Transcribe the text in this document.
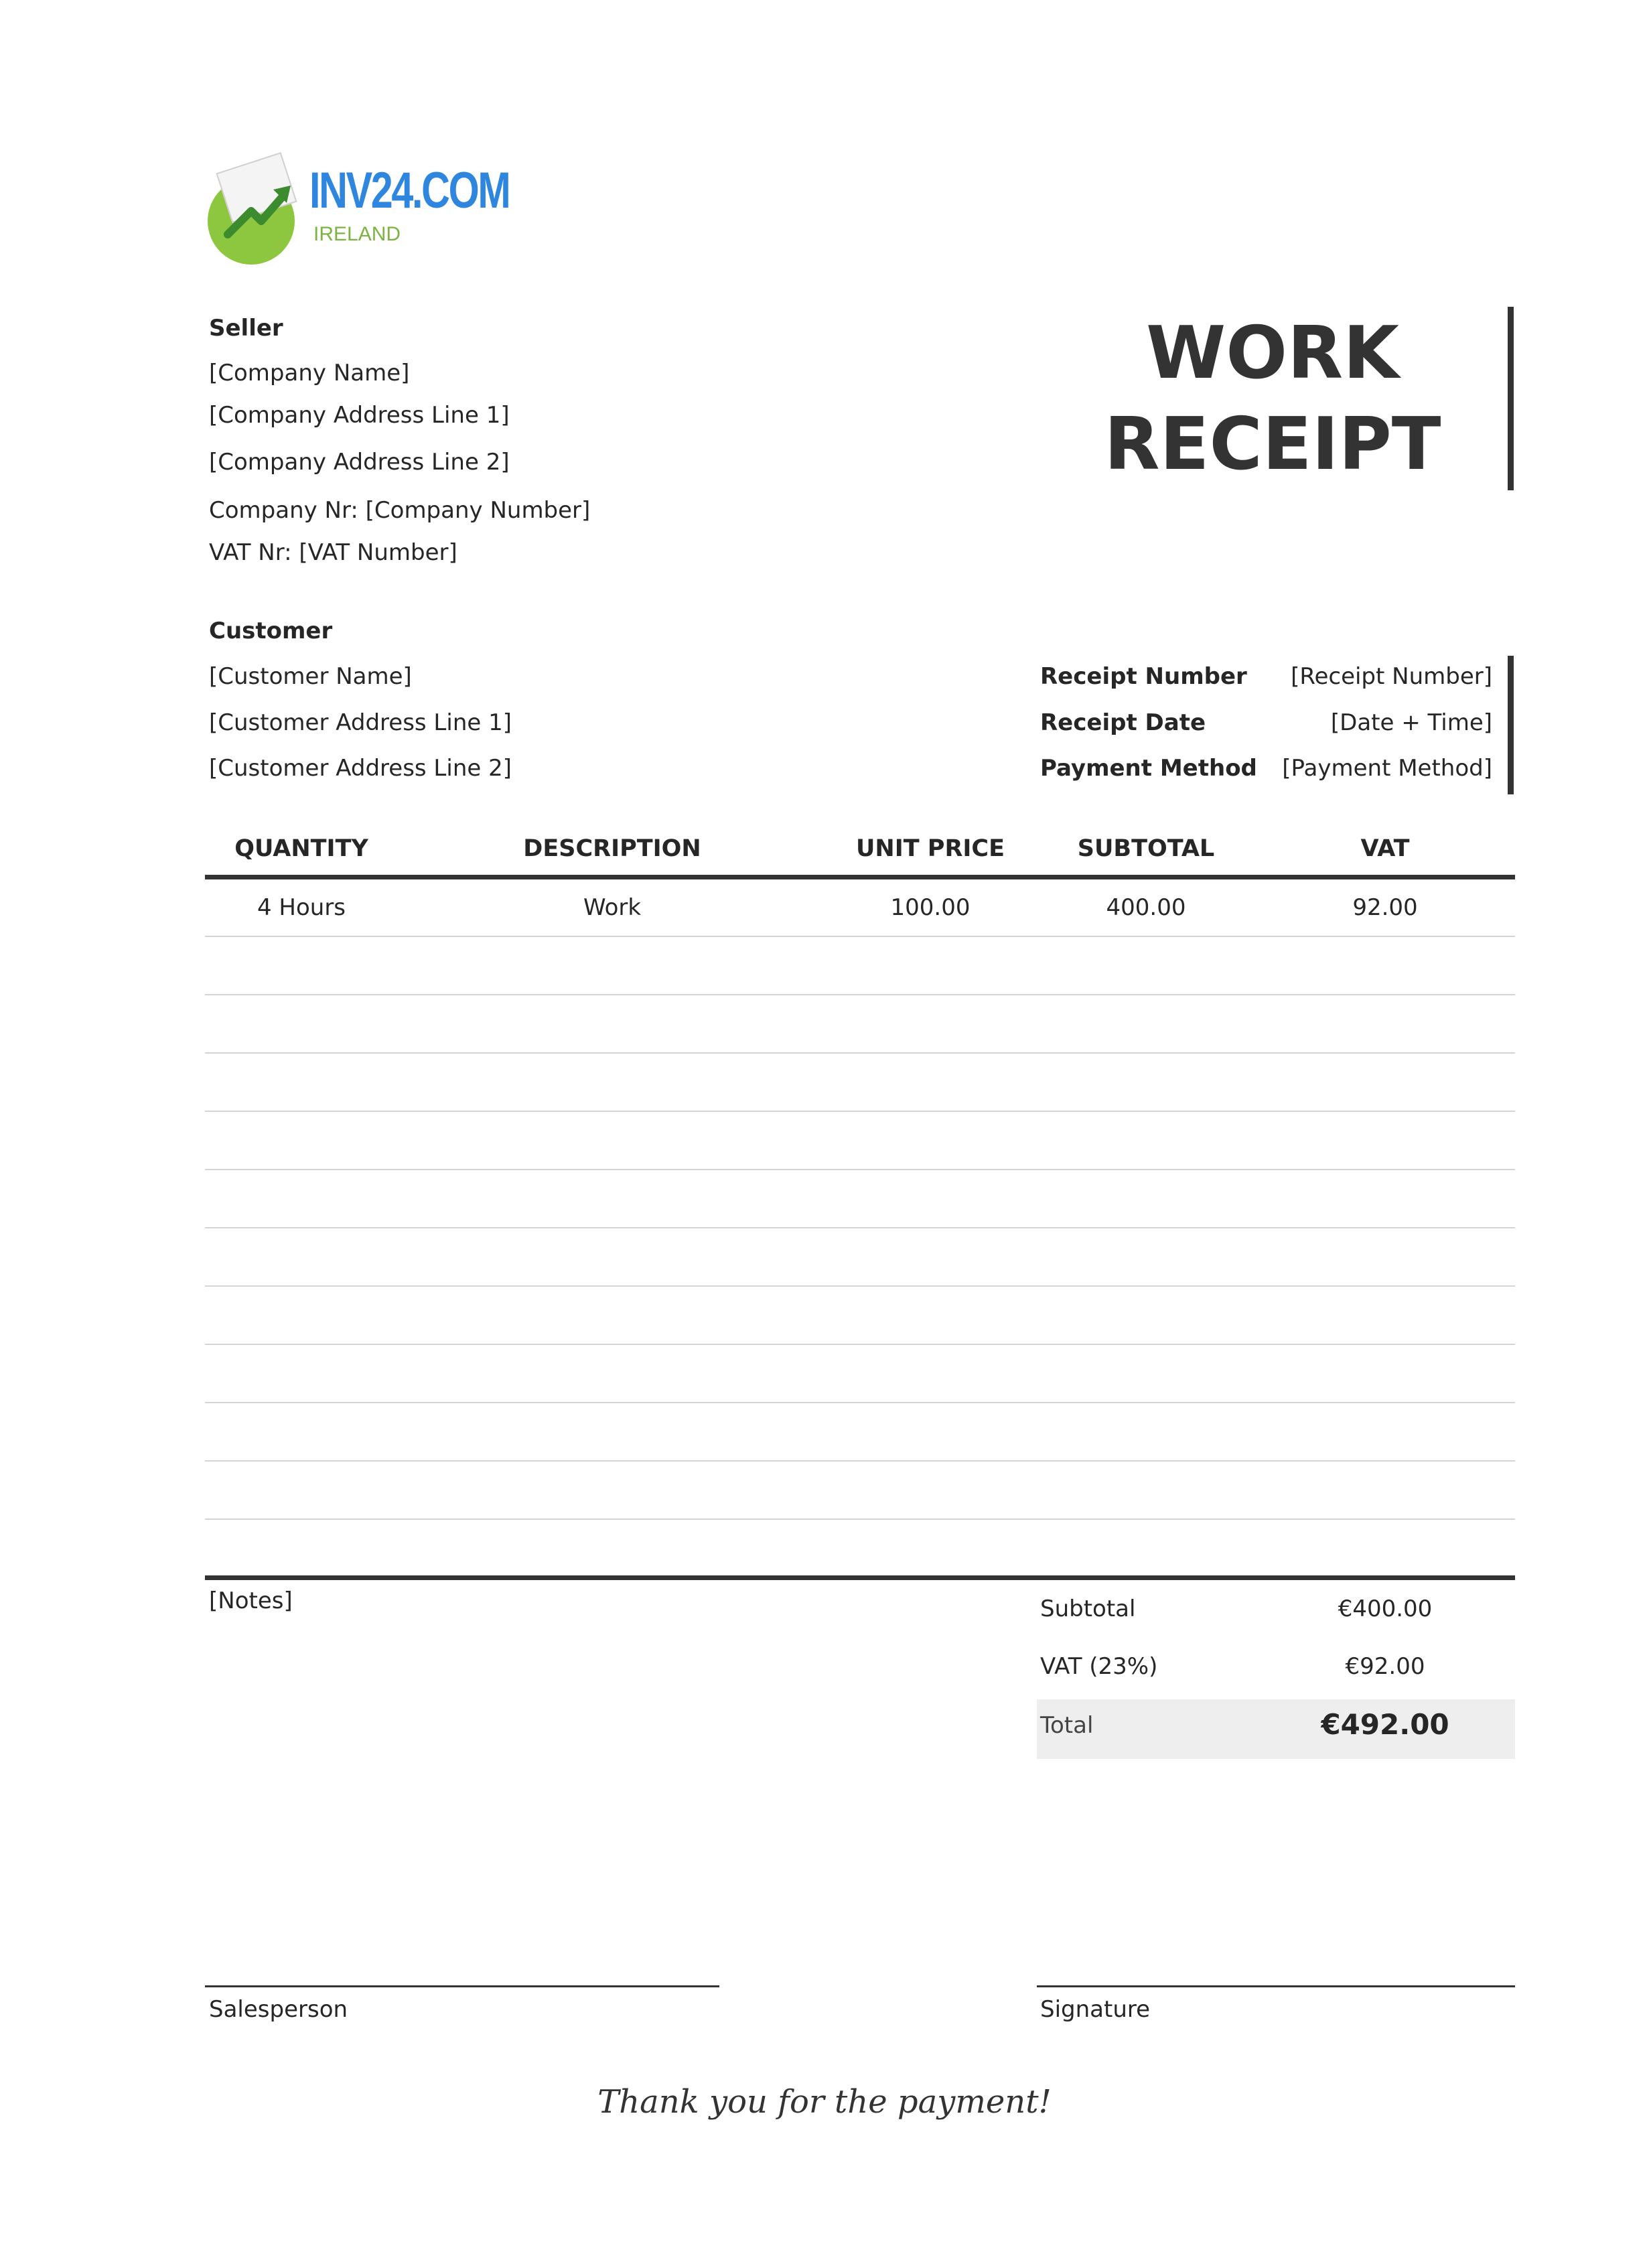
INV24.COM
IRELAND
WORK
RECEIPT
Seller
[Company Name]
[Company Address Line 1]
[Company Address Line 2]
Company Nr: [Company Number]
VAT Nr: [VAT Number]
Customer
[Customer Name]
[Customer Address Line 1]
[Customer Address Line 2]
Receipt Number [Receipt Number]
Receipt Date	[Date + Time]
Payment Method [Payment Method]
QUANTITY	DESCRIPTION	UNIT PRICE	SUBTOTAL	VAT
4 Hours	Work	100.00	400.00	92.00
[Notes]	Subtotal	€400.00
VAT (23%)	€92.00
Total	€492.00
Salesperson	Signature
Thank you for the payment!
